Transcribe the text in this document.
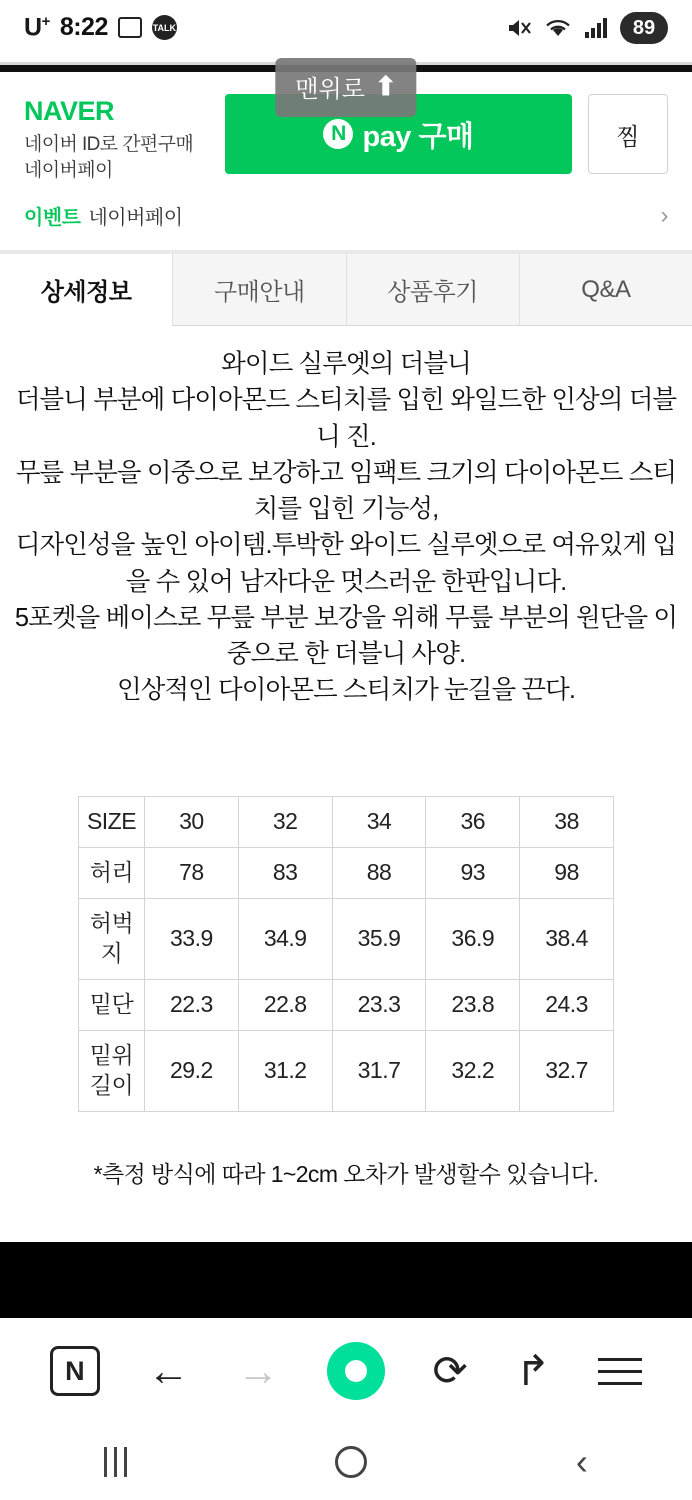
U+ 8:22	TALK	89
맨위로 ⬆
NAVER
네이버 ID로 간편구매
네이버페이
N pay 구매	찜
이벤트 네이버페이	›
상세정보	구매안내	상품후기	Q&A

와이드 실루엣의 더블니

더블니 부분에 다이아몬드 스티치를 입힌 와일드한 인상의 더블니 진.

무릎 부분을 이중으로 보강하고 임팩트 크기의 다이아몬드 스티치를 입힌 기능성,

디자인성을 높인 아이템.투박한 와이드 실루엣으로 여유있게 입을 수 있어 남자다운 멋스러운 한판입니다.

5포켓을 베이스로 무릎 부분 보강을 위해 무릎 부분의 원단을 이중으로 한 더블니 사양.

인상적인 다이아몬드 스티치가 눈길을 끈다.

SIZE	30	32	34	36	38
허리	78	83	88	93	98
허벅지	33.9	34.9	35.9	36.9	38.4
밑단	22.3	22.8	23.3	23.8	24.3
밑위길이	29.2	31.2	31.7	32.2	32.7
*측정 방식에 따라 1~2cm 오차가 발생할수 있습니다.
N	← →	⟳ ↱
‹
